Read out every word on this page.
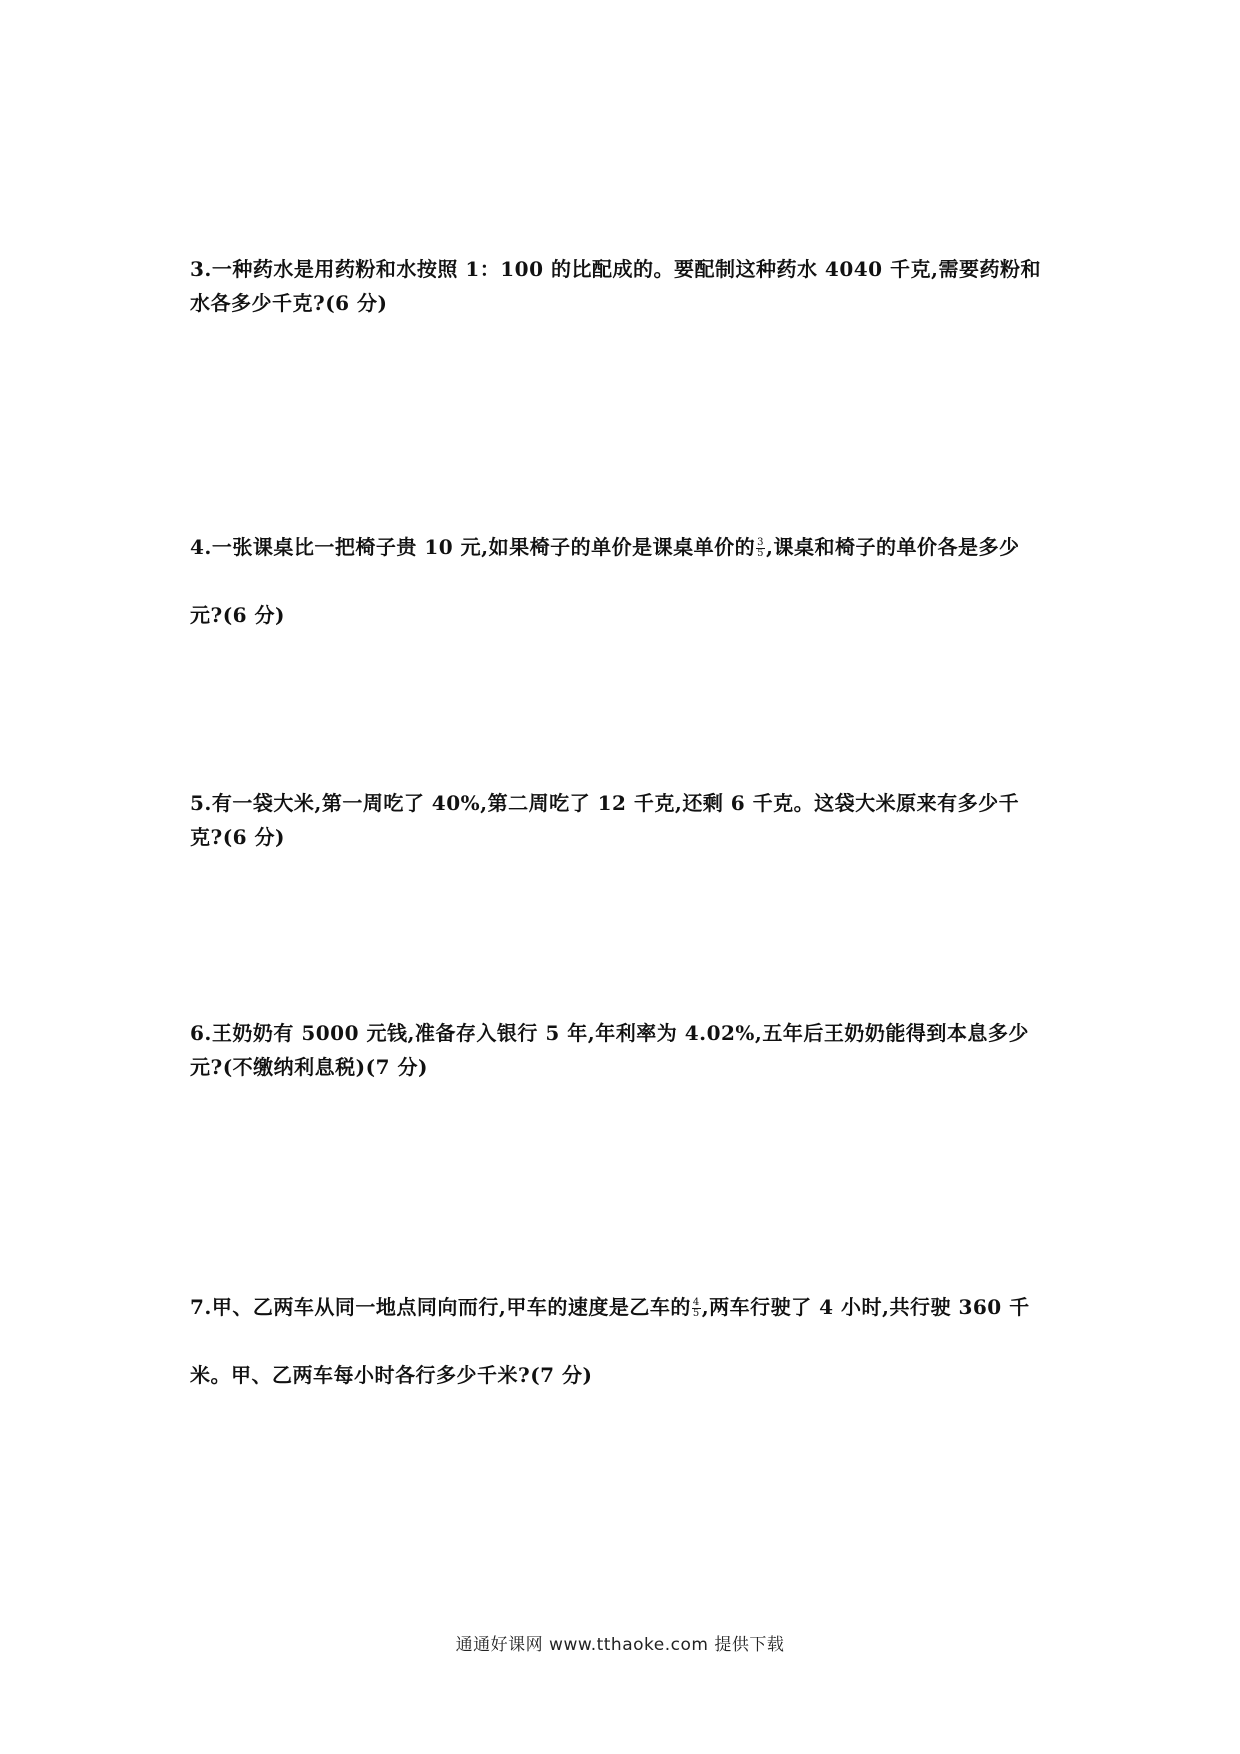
3.一种药水是用药粉和水按照 1：100 的比配成的。要配制这种药水 4040 千克,需要药粉和
水各多少千克?(6 分)
4.一张课桌比一把椅子贵 10 元,如果椅子的单价是课桌单价的 $\frac{3}{5}$ ,课桌和椅子的单价各是多少
元?(6 分)
5.有一袋大米,第一周吃了 40%,第二周吃了 12 千克,还剩 6 千克。这袋大米原来有多少千
克?(6 分)
6.王奶奶有 5000 元钱,准备存入银行 5 年,年利率为 4.02%,五年后王奶奶能得到本息多少
元?(不缴纳利息税)(7 分)
7.甲、乙两车从同一地点同向而行,甲车的速度是乙车的 $\frac{4}{5}$ ,两车行驶了 4 小时,共行驶 360 千
米。甲、乙两车每小时各行多少千米?(7 分)
通通好课网 www.tthaoke.com 提供下载
